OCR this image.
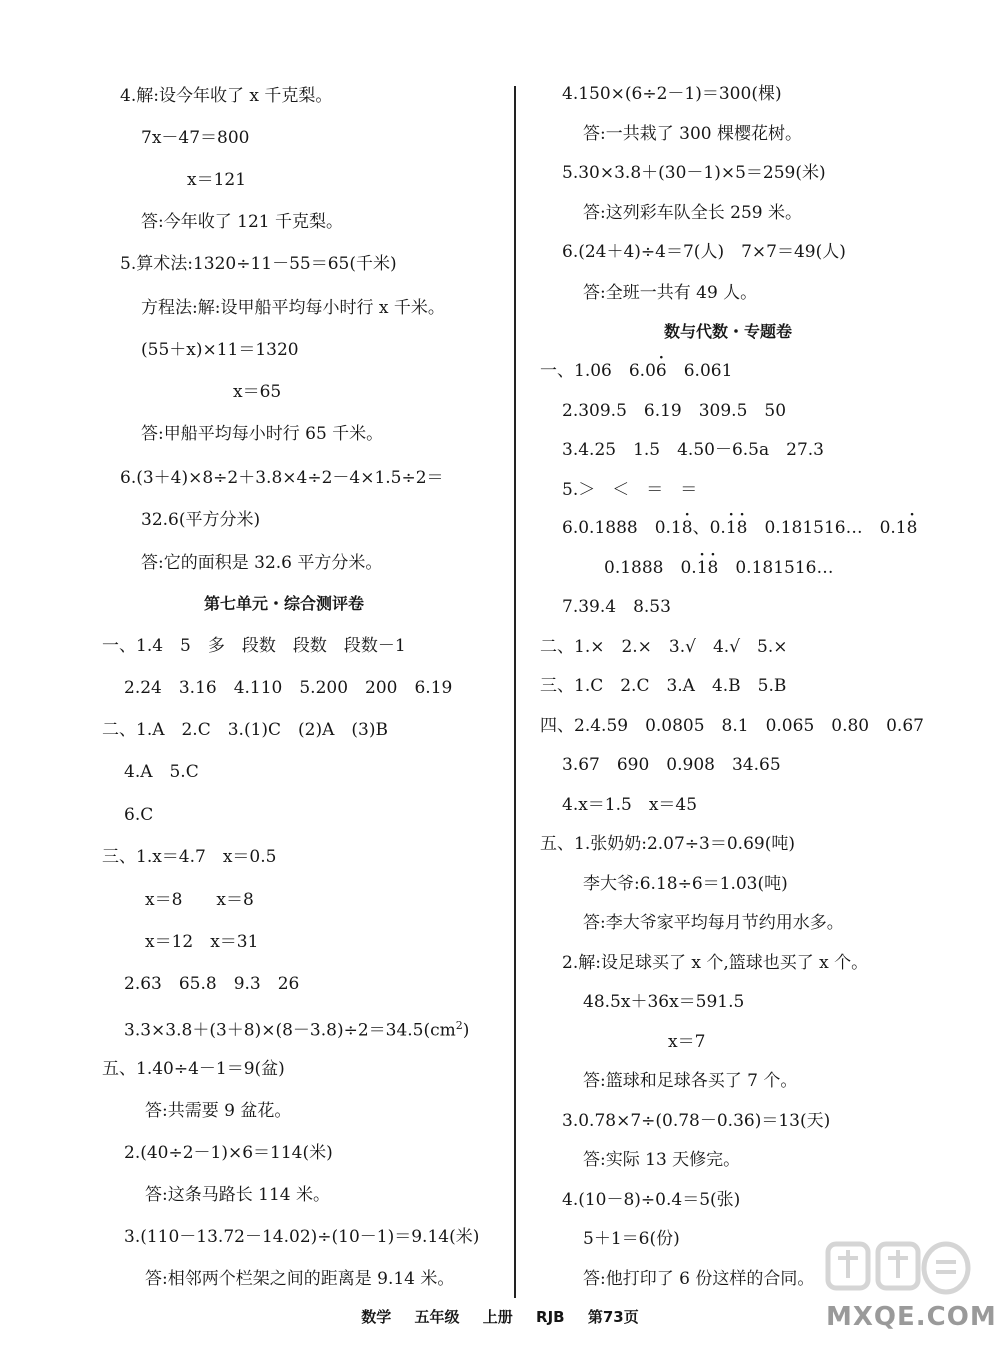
4.解:设今年收了 x 千克梨。
7x－47＝800
x＝121
答:今年收了 121 千克梨。
5.算术法:1320÷11－55＝65(千米)
方程法:解:设甲船平均每小时行 x 千米。
(55＋x)×11＝1320
x＝65
答:甲船平均每小时行 65 千米。
6.(3＋4)×8÷2＋3.8×4÷2－4×1.5÷2＝
32.6(平方分米)
答:它的面积是 32.6 平方分米。
第七单元・综合测评卷
一、1.4　5　多　段数　段数　段数－1
2.24　3.16　4.110　5.200　200　6.19
二、1.A　2.C　3.(1)C　(2)A　(3)B
4.A　5.C
6.C
三、1.x＝4.7　x＝0.5
x＝8　　x＝8
x＝12　x＝31
2.63　65.8　9.3　26
$3.3\times 3.8+(3+8)\times(8-3.8)\div 2=34.5(cm^2)$
五、1.40÷4－1＝9(盆)
答:共需要 9 盆花。
2.(40÷2－1)×6＝114(米)
答:这条马路长 114 米。
3.(110－13.72－14.02)÷(10－1)＝9.14(米)
答:相邻两个栏架之间的距离是 9.14 米。
4.150×(6÷2－1)＝300(棵)
答:一共栽了 300 棵樱花树。
5.30×3.8＋(30－1)×5＝259(米)
答:这列彩车队全长 259 米。
6.(24＋4)÷4＝7(人)　7×7＝49(人)
答:全班一共有 49 人。
数与代数・专题卷
一、1.06　6.0· 6　6.061
2.309.5　6.19　309.5　50
3.4.25　1.5　4.50－6.5a　27.3
5.＞　＜　＝　＝
6.0.1888　0.1· 8、0.· 1· 8　0.181516…　0.1· 8
0.1888　0.· 1· 8　0.181516…
7.39.4　8.53
二、1.×　2.×　3.√　4.√　5.×
三、1.C　2.C　3.A　4.B　5.B
四、2.4.59　0.0805　8.1　0.065　0.80　0.67
3.67　690　0.908　34.65
4.x＝1.5　x＝45
五、1.张奶奶:2.07÷3＝0.69(吨)
李大爷:6.18÷6＝1.03(吨)
答:李大爷家平均每月节约用水多。
2.解:设足球买了 x 个,篮球也买了 x 个。
48.5x＋36x＝591.5
x＝7
答:篮球和足球各买了 7 个。
3.0.78×7÷(0.78－0.36)＝13(天)
答:实际 13 天修完。
4.(10－8)÷0.4＝5(张)
5＋1＝6(份)
答:他打印了 6 份这样的合同。
数学 五年级 上册 RJB 第73页	MXQE.COM
